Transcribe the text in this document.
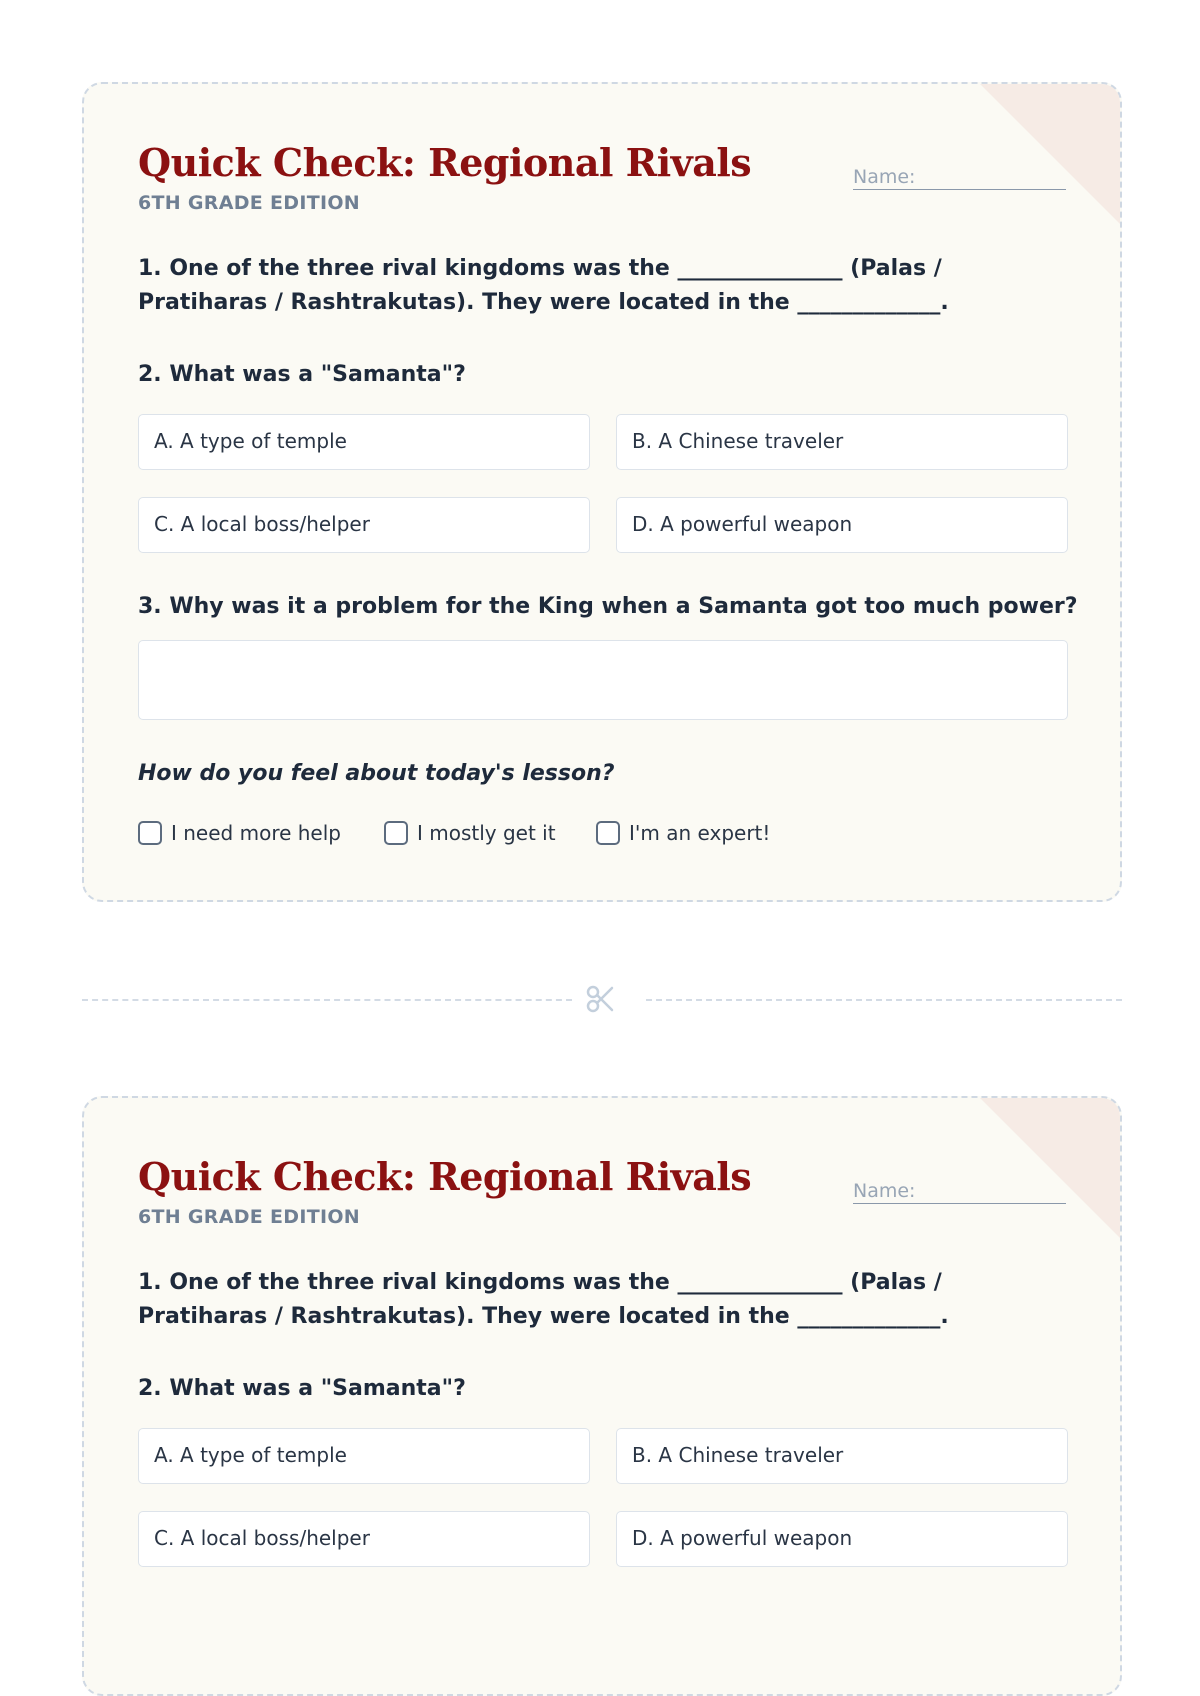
Quick Check: Regional Rivals
6TH GRADE EDITION
Name:
1. One of the three rival kingdoms was the _______________ (Palas / Pratiharas / Rashtrakutas). They were located in the _____________.
2. What was a "Samanta"?
A. A type of temple	B. A Chinese traveler
C. A local boss/helper	D. A powerful weapon
3. Why was it a problem for the King when a Samanta got too much power?
How do you feel about today's lesson?
I need more help	I mostly get it	I'm an expert!
Quick Check: Regional Rivals
6TH GRADE EDITION
Name:
1. One of the three rival kingdoms was the _______________ (Palas / Pratiharas / Rashtrakutas). They were located in the _____________.
2. What was a "Samanta"?
A. A type of temple	B. A Chinese traveler
C. A local boss/helper	D. A powerful weapon
